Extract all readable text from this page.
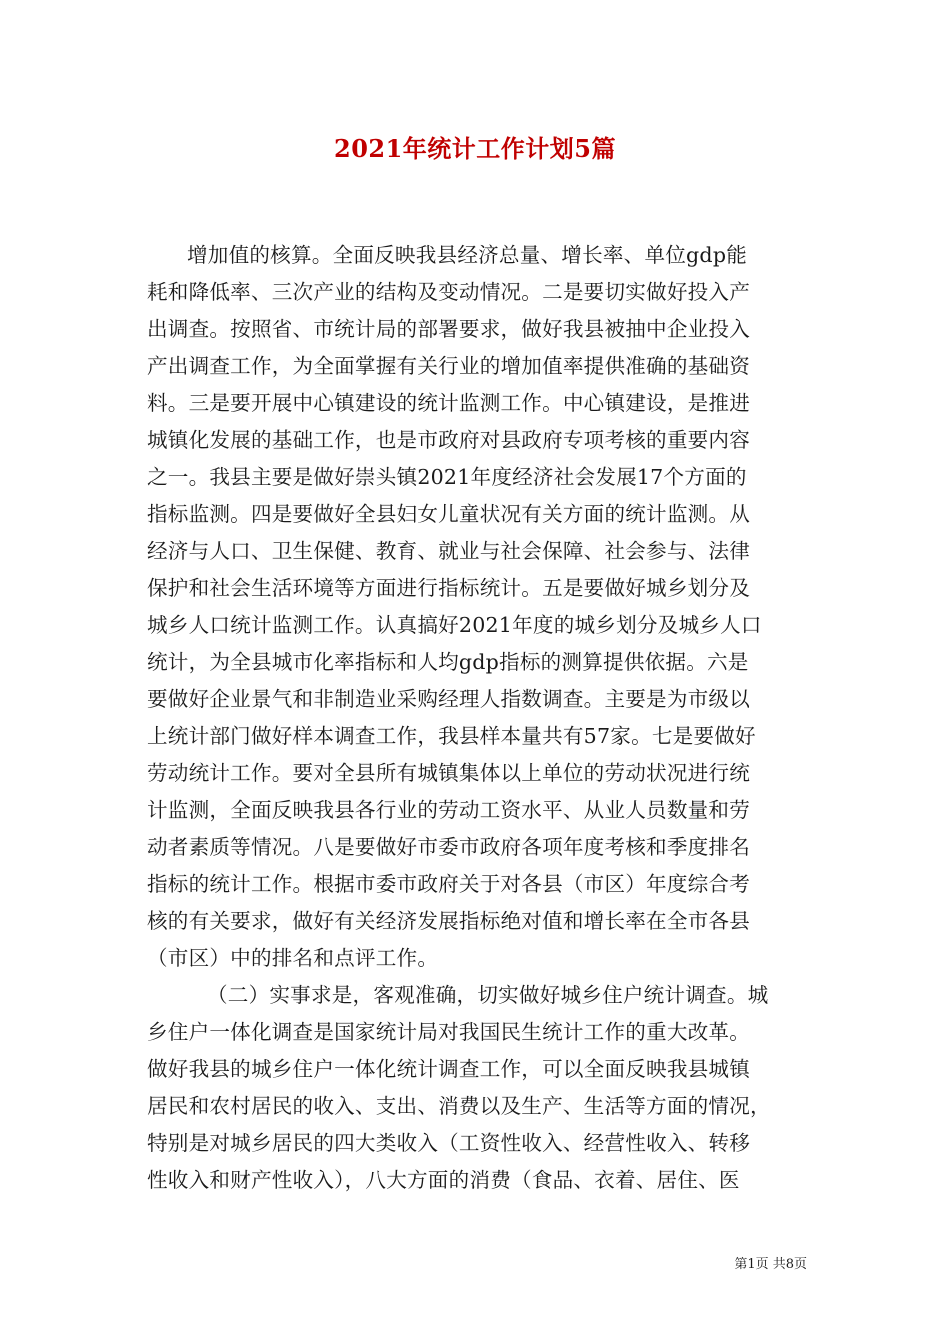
2021年统计工作计划5篇
增加值的核算。全面反映我县经济总量、增长率、单位gdp能
耗和降低率、三次产业的结构及变动情况。二是要切实做好投入产
出调查。按照省、市统计局的部署要求，做好我县被抽中企业投入
产出调查工作，为全面掌握有关行业的增加值率提供准确的基础资
料。三是要开展中心镇建设的统计监测工作。中心镇建设，是推进
城镇化发展的基础工作，也是市政府对县政府专项考核的重要内容
之一。我县主要是做好崇头镇2021年度经济社会发展17个方面的
指标监测。四是要做好全县妇女儿童状况有关方面的统计监测。从
经济与人口、卫生保健、教育、就业与社会保障、社会参与、法律
保护和社会生活环境等方面进行指标统计。五是要做好城乡划分及
城乡人口统计监测工作。认真搞好2021年度的城乡划分及城乡人口
统计，为全县城市化率指标和人均gdp指标的测算提供依据。六是
要做好企业景气和非制造业采购经理人指数调查。主要是为市级以
上统计部门做好样本调查工作，我县样本量共有57家。七是要做好
劳动统计工作。要对全县所有城镇集体以上单位的劳动状况进行统
计监测，全面反映我县各行业的劳动工资水平、从业人员数量和劳
动者素质等情况。八是要做好市委市政府各项年度考核和季度排名
指标的统计工作。根据市委市政府关于对各县（市区）年度综合考
核的有关要求，做好有关经济发展指标绝对值和增长率在全市各县
（市区）中的排名和点评工作。
（二）实事求是，客观准确，切实做好城乡住户统计调查。城
乡住户一体化调查是国家统计局对我国民生统计工作的重大改革。
做好我县的城乡住户一体化统计调查工作，可以全面反映我县城镇
居民和农村居民的收入、支出、消费以及生产、生活等方面的情况，
特别是对城乡居民的四大类收入（工资性收入、经营性收入、转移
性收入和财产性收入），八大方面的消费（食品、衣着、居住、医
第1页 共8页
